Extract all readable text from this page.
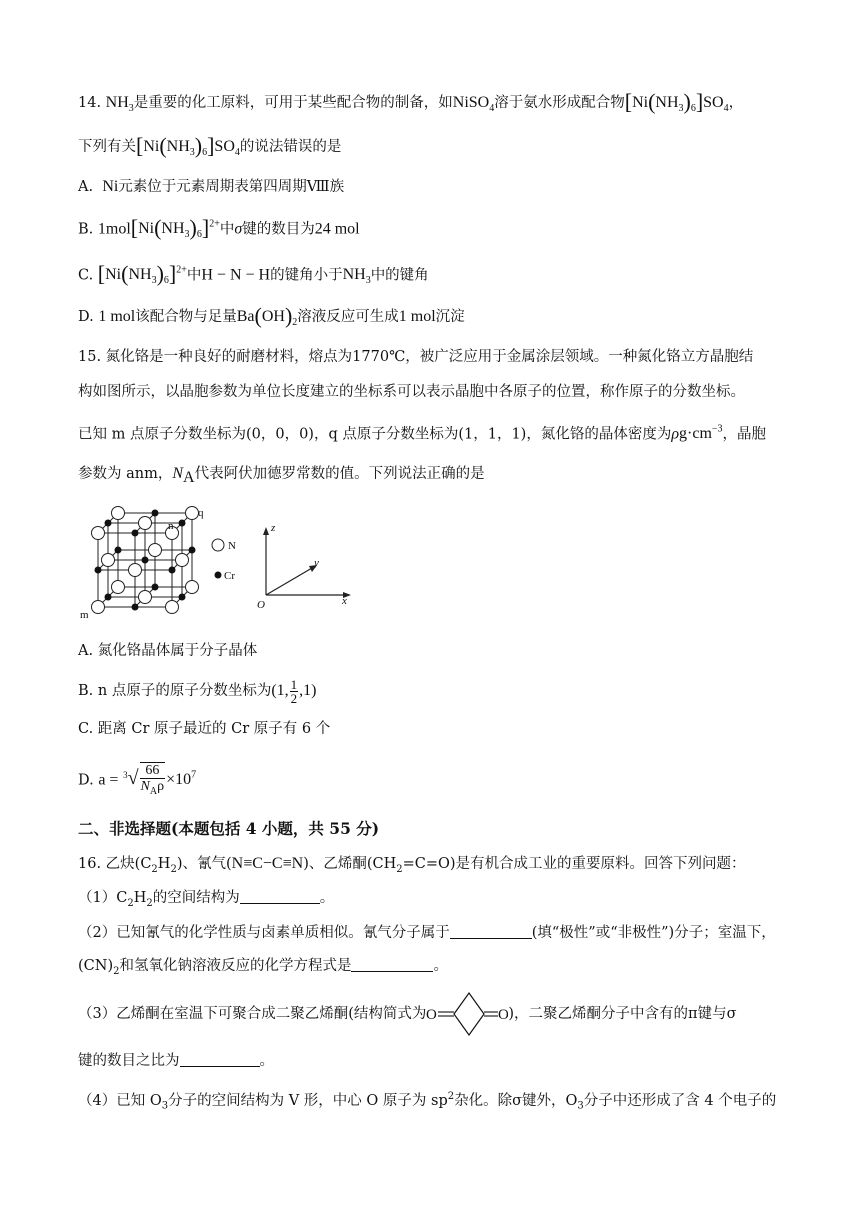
14. $NH_3$是重要的化工原料，可用于某些配合物的制备，如NiSO$_4$溶于氨水形成配合物$[Ni(NH_3)_6]SO_4$，
下列有关$[Ni(NH_3)_6]SO_4$的说法错误的是
A. Ni元素位于元素周期表第四周期Ⅷ族
B. $1mol[Ni(NH_3)_6]^{2+}$中σ键的数目为24 mol
C. $[Ni(NH_3)_6]^{2+}$中H − N − H的键角小于$NH_3$中的键角
D. 1 mol该配合物与足量$Ba(OH)_2$溶液反应可生成1 mol沉淀
15. 氮化铬是一种良好的耐磨材料，熔点为1770℃，被广泛应用于金属涂层领域。一种氮化铬立方晶胞结
构如图所示，以晶胞参数为单位长度建立的坐标系可以表示晶胞中各原子的位置，称作原子的分数坐标。
已知 m 点原子分数坐标为(0，0，0)，q 点原子分数坐标为(1，1，1)，氮化铬的晶体密度为$\rho g\cdot cm^{-3}$，晶胞
参数为 anm，$N_A$代表阿伏加德罗常数的值。下列说法正确的是
q
n
m
N
Cr
z
y
x
O
A. 氮化铬晶体属于分子晶体
B. n 点原子的原子分数坐标为(1, $\frac{1}{2} ,1$)
C. 距离 Cr 原子最近的 Cr 原子有 6 个
D. $a = ^3√ \frac{66}{N_A\rho} \times 10^7$
二、非选择题(本题包括 4 小题，共 55 分)
16. 乙炔$(C_2H_2)$、氰气(N≡C−C≡N)、乙烯酮$(CH_2=C=O)$是有机合成工业的重要原料。回答下列问题：
$(1)C_2H_2$的空间结构为	。
（2）已知氰气的化学性质与卤素单质相似。氰气分子属于	(填“极性”或“非极性”)分子；室温下，
$(CN)_2$和氢氧化钠溶液反应的化学方程式是	。
（3）乙烯酮在室温下可聚合成二聚乙烯酮(结构简式为 O	O )，二聚乙烯酮分子中含有的π键与σ
键的数目之比为	。
（4）已知 $O_3$分子的空间结构为 V 形，中心 O 原子为 $sp^2$杂化。除σ键外，$O_3$分子中还形成了含 4 个电子的
